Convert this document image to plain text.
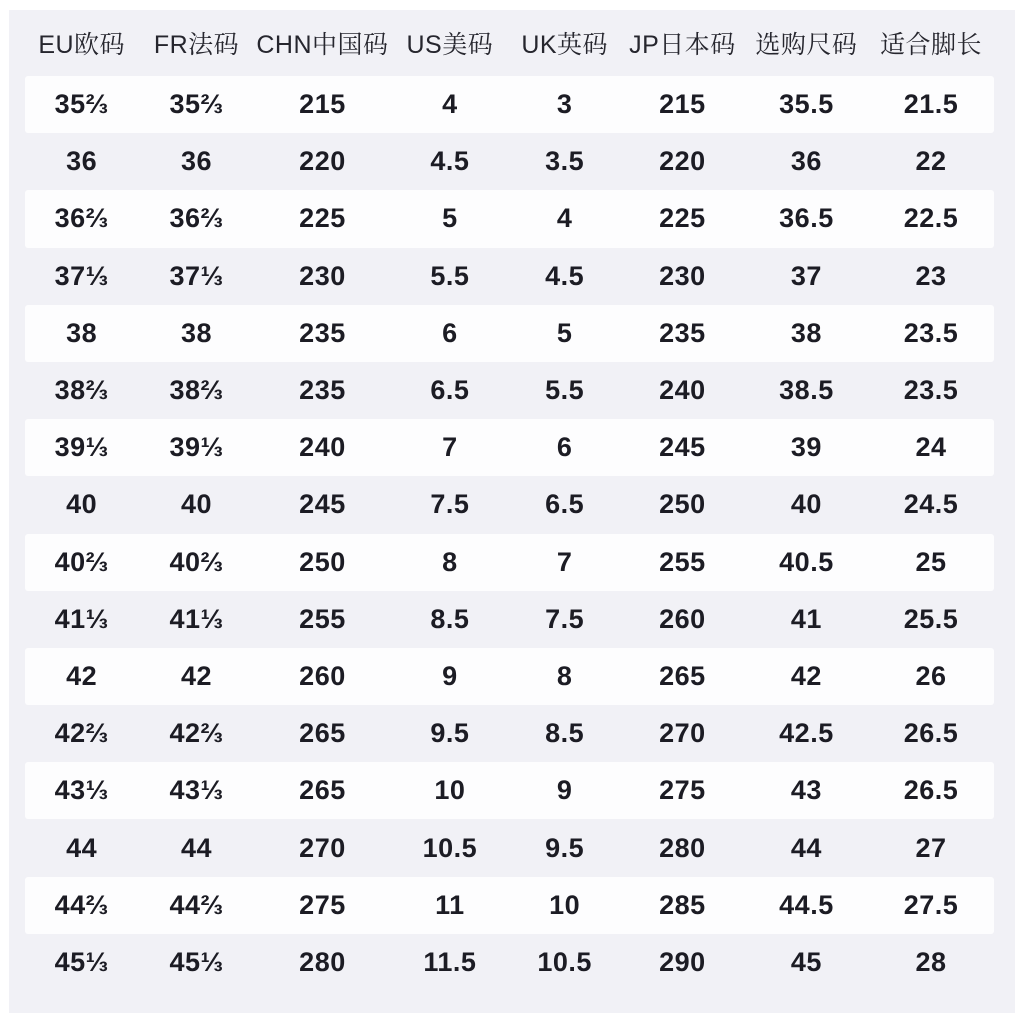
EU欧码	FR法码	CHN中国码	US美码	UK英码	JP日本码	选购尺码	适合脚长
35⅔	35⅔	215	4	3	215	35.5	21.5
36	36	220	4.5	3.5	220	36	22
36⅔	36⅔	225	5	4	225	36.5	22.5
37⅓	37⅓	230	5.5	4.5	230	37	23
38	38	235	6	5	235	38	23.5
38⅔	38⅔	235	6.5	5.5	240	38.5	23.5
39⅓	39⅓	240	7	6	245	39	24
40	40	245	7.5	6.5	250	40	24.5
40⅔	40⅔	250	8	7	255	40.5	25
41⅓	41⅓	255	8.5	7.5	260	41	25.5
42	42	260	9	8	265	42	26
42⅔	42⅔	265	9.5	8.5	270	42.5	26.5
43⅓	43⅓	265	10	9	275	43	26.5
44	44	270	10.5	9.5	280	44	27
44⅔	44⅔	275	11	10	285	44.5	27.5
45⅓	45⅓	280	11.5	10.5	290	45	28
